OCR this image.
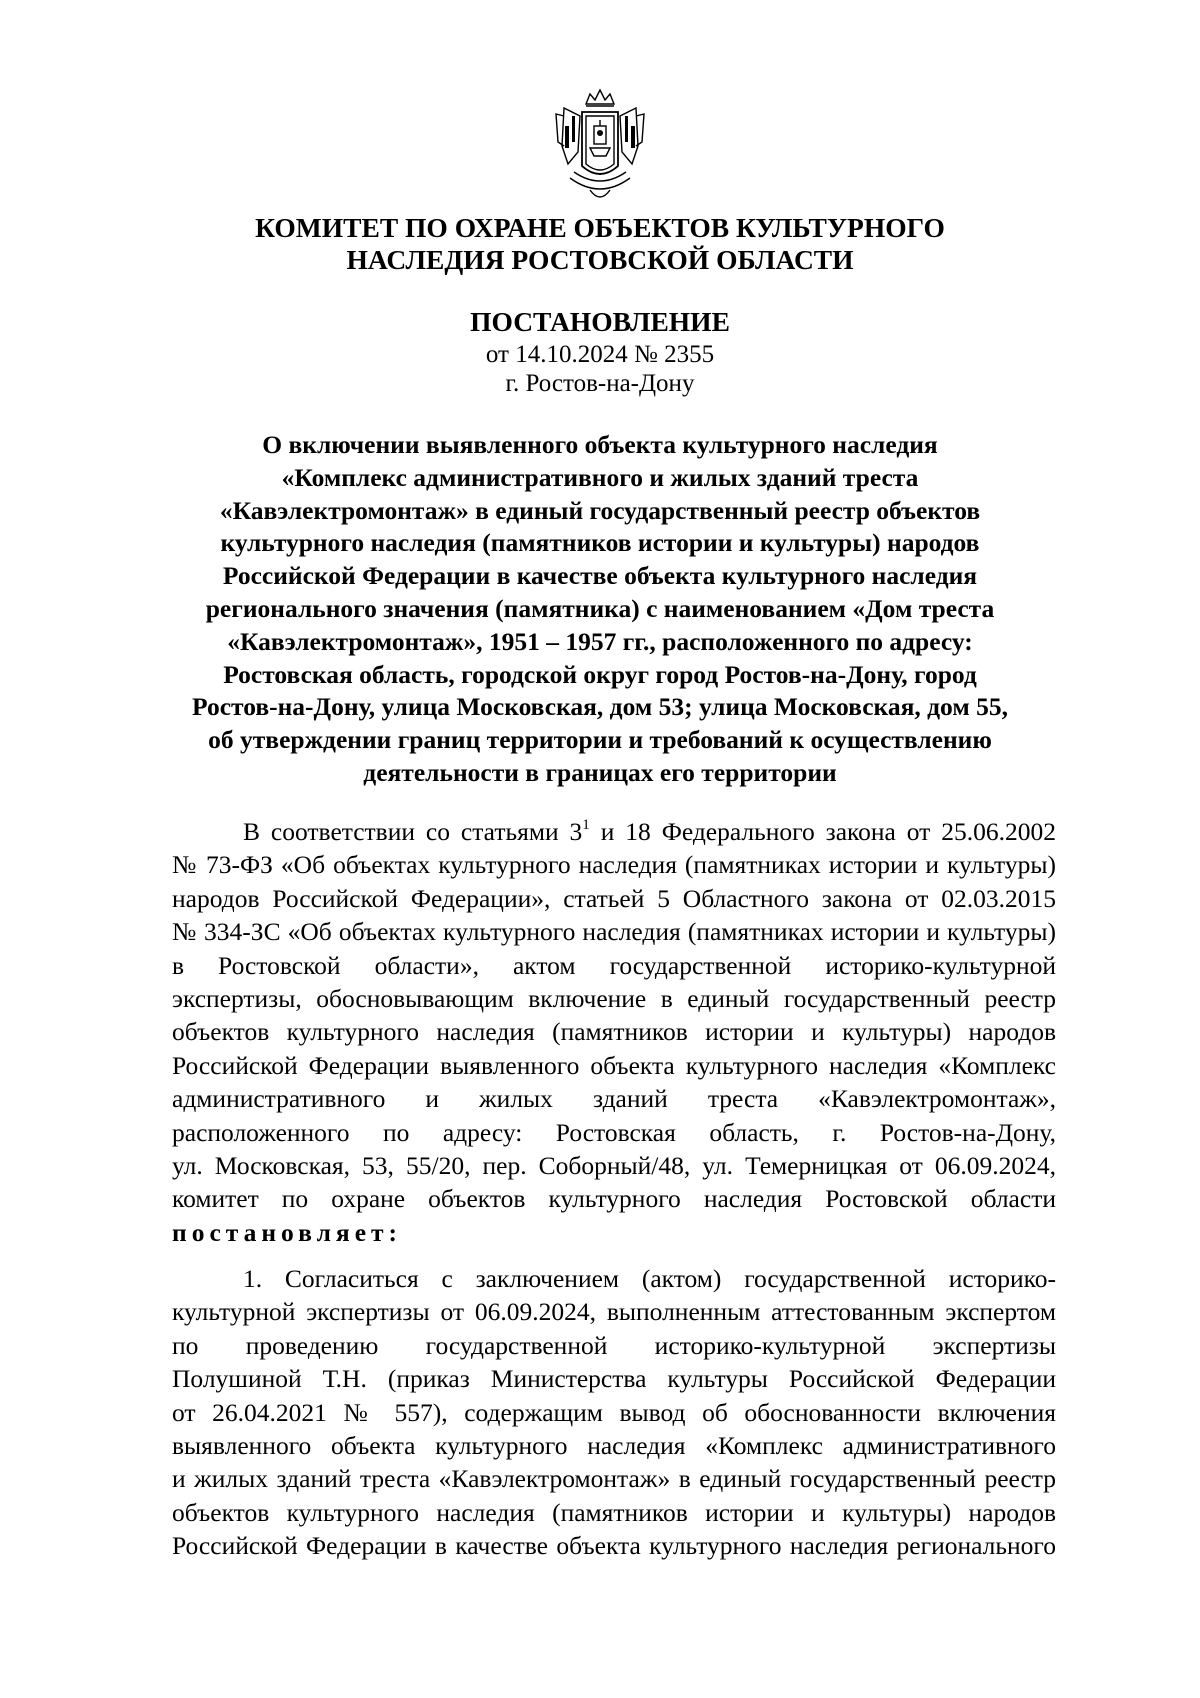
КОМИТЕТ ПО ОХРАНЕ ОБЪЕКТОВ КУЛЬТУРНОГО
НАСЛЕДИЯ РОСТОВСКОЙ ОБЛАСТИ
ПОСТАНОВЛЕНИЕ
от 14.10.2024 № 2355
г. Ростов-на-Дону
О включении выявленного объекта культурного наследия
«Комплекс административного и жилых зданий треста
«Кавэлектромонтаж» в единый государственный реестр объектов
культурного наследия (памятников истории и культуры) народов
Российской Федерации в качестве объекта культурного наследия
регионального значения (памятника) с наименованием «Дом треста
«Кавэлектромонтаж», 1951 – 1957 гг., расположенного по адресу:
Ростовская область, городской округ город Ростов-на-Дону, город
Ростов-на-Дону, улица Московская, дом 53; улица Московская, дом 55,
об утверждении границ территории и требований к осуществлению
деятельности в границах его территории
В соответствии со статьями $3^1$ и 18 Федерального закона от 25.06.2002
№ 73-ФЗ «Об объектах культурного наследия (памятниках истории и культуры)
народов Российской Федерации», статьей 5 Областного закона от 02.03.2015
№ 334-ЗС «Об объектах культурного наследия (памятниках истории и культуры)
в Ростовской области», актом государственной историко-культурной
экспертизы, обосновывающим включение в единый государственный реестр
объектов культурного наследия (памятников истории и культуры) народов
Российской Федерации выявленного объекта культурного наследия «Комплекс
административного и жилых зданий треста «Кавэлектромонтаж»,
расположенного по адресу: Ростовская область, г. Ростов-на-Дону,
ул. Московская, 53, 55/20, пер. Соборный/48, ул. Темерницкая от 06.09.2024,
комитет по охране объектов культурного наследия Ростовской области
постановляет:
1. Согласиться с заключением (актом) государственной историко-
культурной экспертизы от 06.09.2024, выполненным аттестованным экспертом
по проведению государственной историко-культурной экспертизы
Полушиной Т.Н. (приказ Министерства культуры Российской Федерации
от 26.04.2021 № 557), содержащим вывод об обоснованности включения
выявленного объекта культурного наследия «Комплекс административного
и жилых зданий треста «Кавэлектромонтаж» в единый государственный реестр
объектов культурного наследия (памятников истории и культуры) народов
Российской Федерации в качестве объекта культурного наследия регионального
